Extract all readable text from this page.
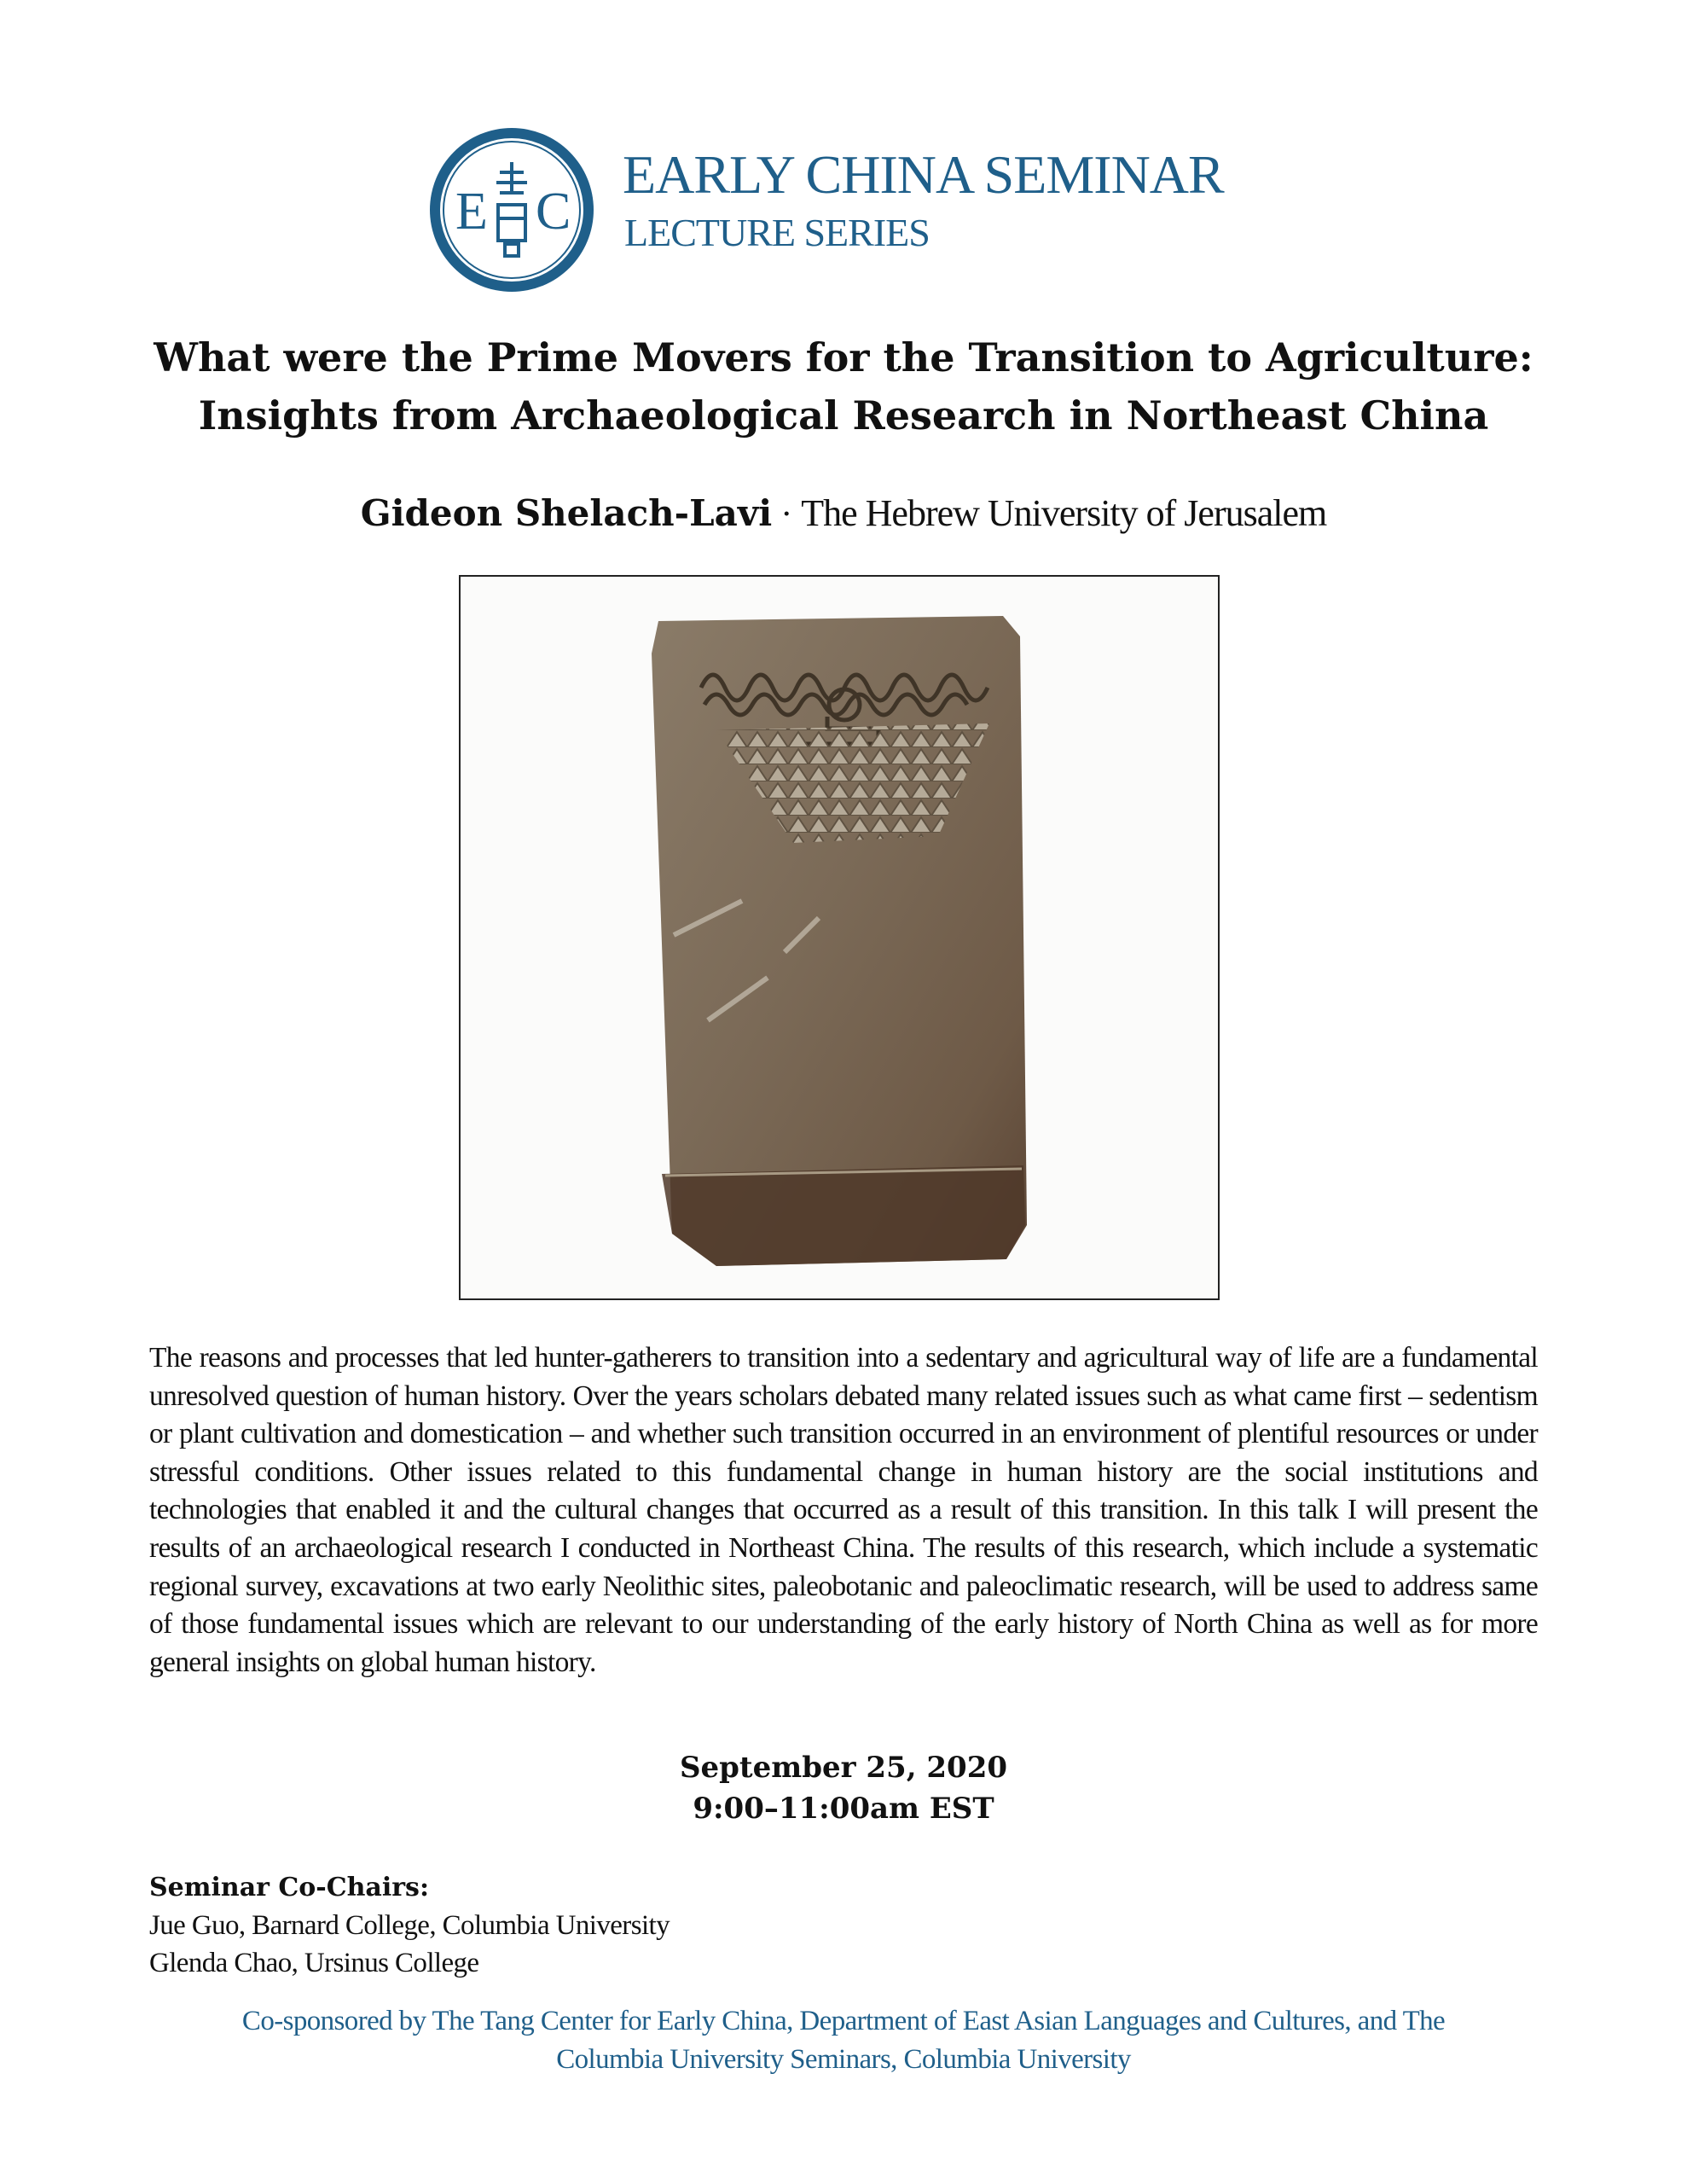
E C
EARLY CHINA SEMINAR
LECTURE SERIES
What were the Prime Movers for the Transition to Agriculture:
Insights from Archaeological Research in Northeast China
Gideon Shelach-Lavi · The Hebrew University of Jerusalem
The reasons and processes that led hunter-gatherers to transition into a sedentary and agricultural way of life are a fundamental unresolved question of human history. Over the years scholars debated many related issues such as what came first – sedentism or plant cultivation and domestication – and whether such transition occurred in an environment of plentiful resources or under stressful conditions. Other issues related to this fundamental change in human history are the social institutions and technologies that enabled it and the cultural changes that occurred as a result of this transition. In this talk I will present the results of an archaeological research I conducted in Northeast China. The results of this research, which include a systematic regional survey, excavations at two early Neolithic sites, paleobotanic and paleoclimatic research, will be used to address same of those fundamental issues which are relevant to our understanding of the early history of North China as well as for more general insights on global human history.
September 25, 2020
9:00–11:00am EST
Seminar Co-Chairs:
Jue Guo, Barnard College, Columbia University
Glenda Chao, Ursinus College
Co-sponsored by The Tang Center for Early China, Department of East Asian Languages and Cultures, and The
Columbia University Seminars, Columbia University
